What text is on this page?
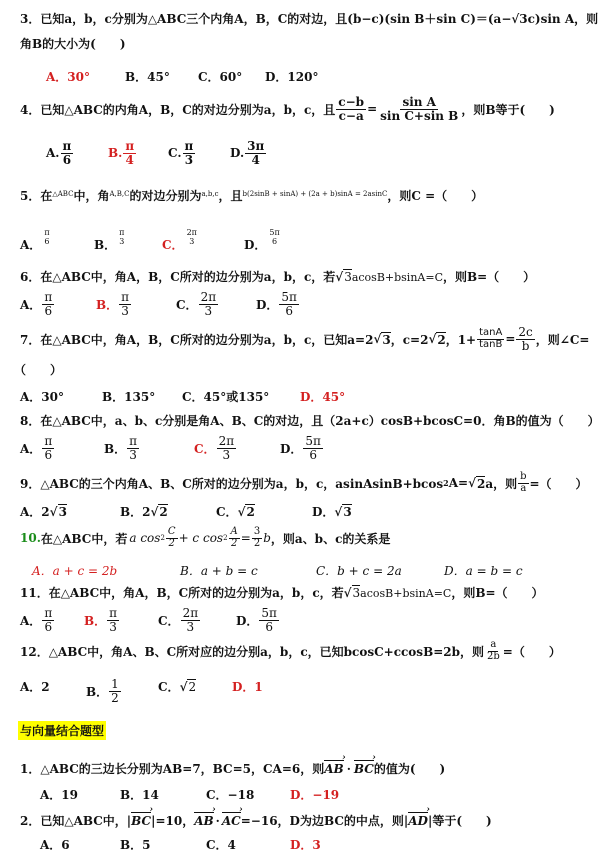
3．已知a，b，c分别为△ABC三个内角A，B，C的对边，且(b−c)(sin B＋sin C)＝(a−√3c)sin A，则
角B的大小为(　　)
A．30°	B．45° C．60° D．120°
4．已知△ABC的内角A，B，C的对边分别为a，b，c，且 $\frac{c-b}{c-a} = \frac{\text{sin A}}{\text{sin C+sin B}}$ ，则B等于(　　)
A. $\frac{\pi}{6}$	B. $\frac{\pi}{4}$	C. $\frac{\pi}{3}$	D. $\frac{3\pi}{4}$
5．在$^{\triangle ABC}$中，角$^{A,B,C}$的对边分别为$^{a,b,c}$，且$^{b(2sinB + sinA) + (2a + b)sinA = 2asinC}$，则C =（　　）
A．
π
6	B．
π
3	C．
2π
3	D．
5π
6
6．在△ABC中，角A，B，C所对的边分别为a，b，c，若√3acosB+bsinA=C，则B=（　　）
A． $\frac{\pi}{6}$	B． $\frac{\pi}{3}$	C． $\frac{2\pi}{3}$	D． $\frac{5\pi}{6}$
7．在△ABC中，角A，B，C所对的边分别为a，b，c，已知a=2 √ 3 ，c=2 √ 2 ，$1+ \frac{\tan A}{\tan B} = \frac{2c}{b}$ ，则∠C=
（　　）
A．30°	B．135° C．45°或135°	D．45°
8．在△ABC中，a、b、c分别是角A、B、C的对边，且（2a+c）cosB+bcosC=0．角B的值为（　　）
A． $\frac{\pi}{6}$	B． $\frac{\pi}{3}$	C． $\frac{2\pi}{3}$	D． $\frac{5\pi}{6}$
9．△ABC的三个内角A、B、C所对的边分别为a，b，c，asinAsinB+bcos 2 A= √ 2 a，则 $\frac{b}{a}$ =（　　）
A．2 √ 3	B．2 √ 2	C． √ 2	D． √ 3
10. 在△ABC中，若 a $\cos 2 \frac{C}{2} + c$ $\cos 2 \frac{A}{2} = \frac{3}{2}$ b ，则a、b、c的关系是
A．a + c = 2b	B．a + b = c	C．b + c = 2a	D．a = b = c
11．在△ABC中，角A，B，C所对的边分别为a，b，c，若√3acosB+bsinA=C，则B=（　　）
A． $\frac{\pi}{6}$ B． $\frac{\pi}{3}$	C． $\frac{2\pi}{3}$	D． $\frac{5\pi}{6}$
12．△ABC中，角A、B、C所对应的边分别a，b，c，已知bcosC+ccosB=2b，则 $\frac{a}{2b}$ =（　　）
A．2	B． $\frac{1}{2}$	C． √ 2	D．1
与向量结合题型
1．△ABC的三边长分别为AB=7，BC=5，CA=6，则AB › · BC ›的值为(　　)
A．19	B．14	C．−18	D．−19
2．已知△ABC中，|BC ›|=10，AB › · AC ›=−16，D为边BC的中点，则|AD ›|等于(　　)
A．6	B．5	C．4	D．3
